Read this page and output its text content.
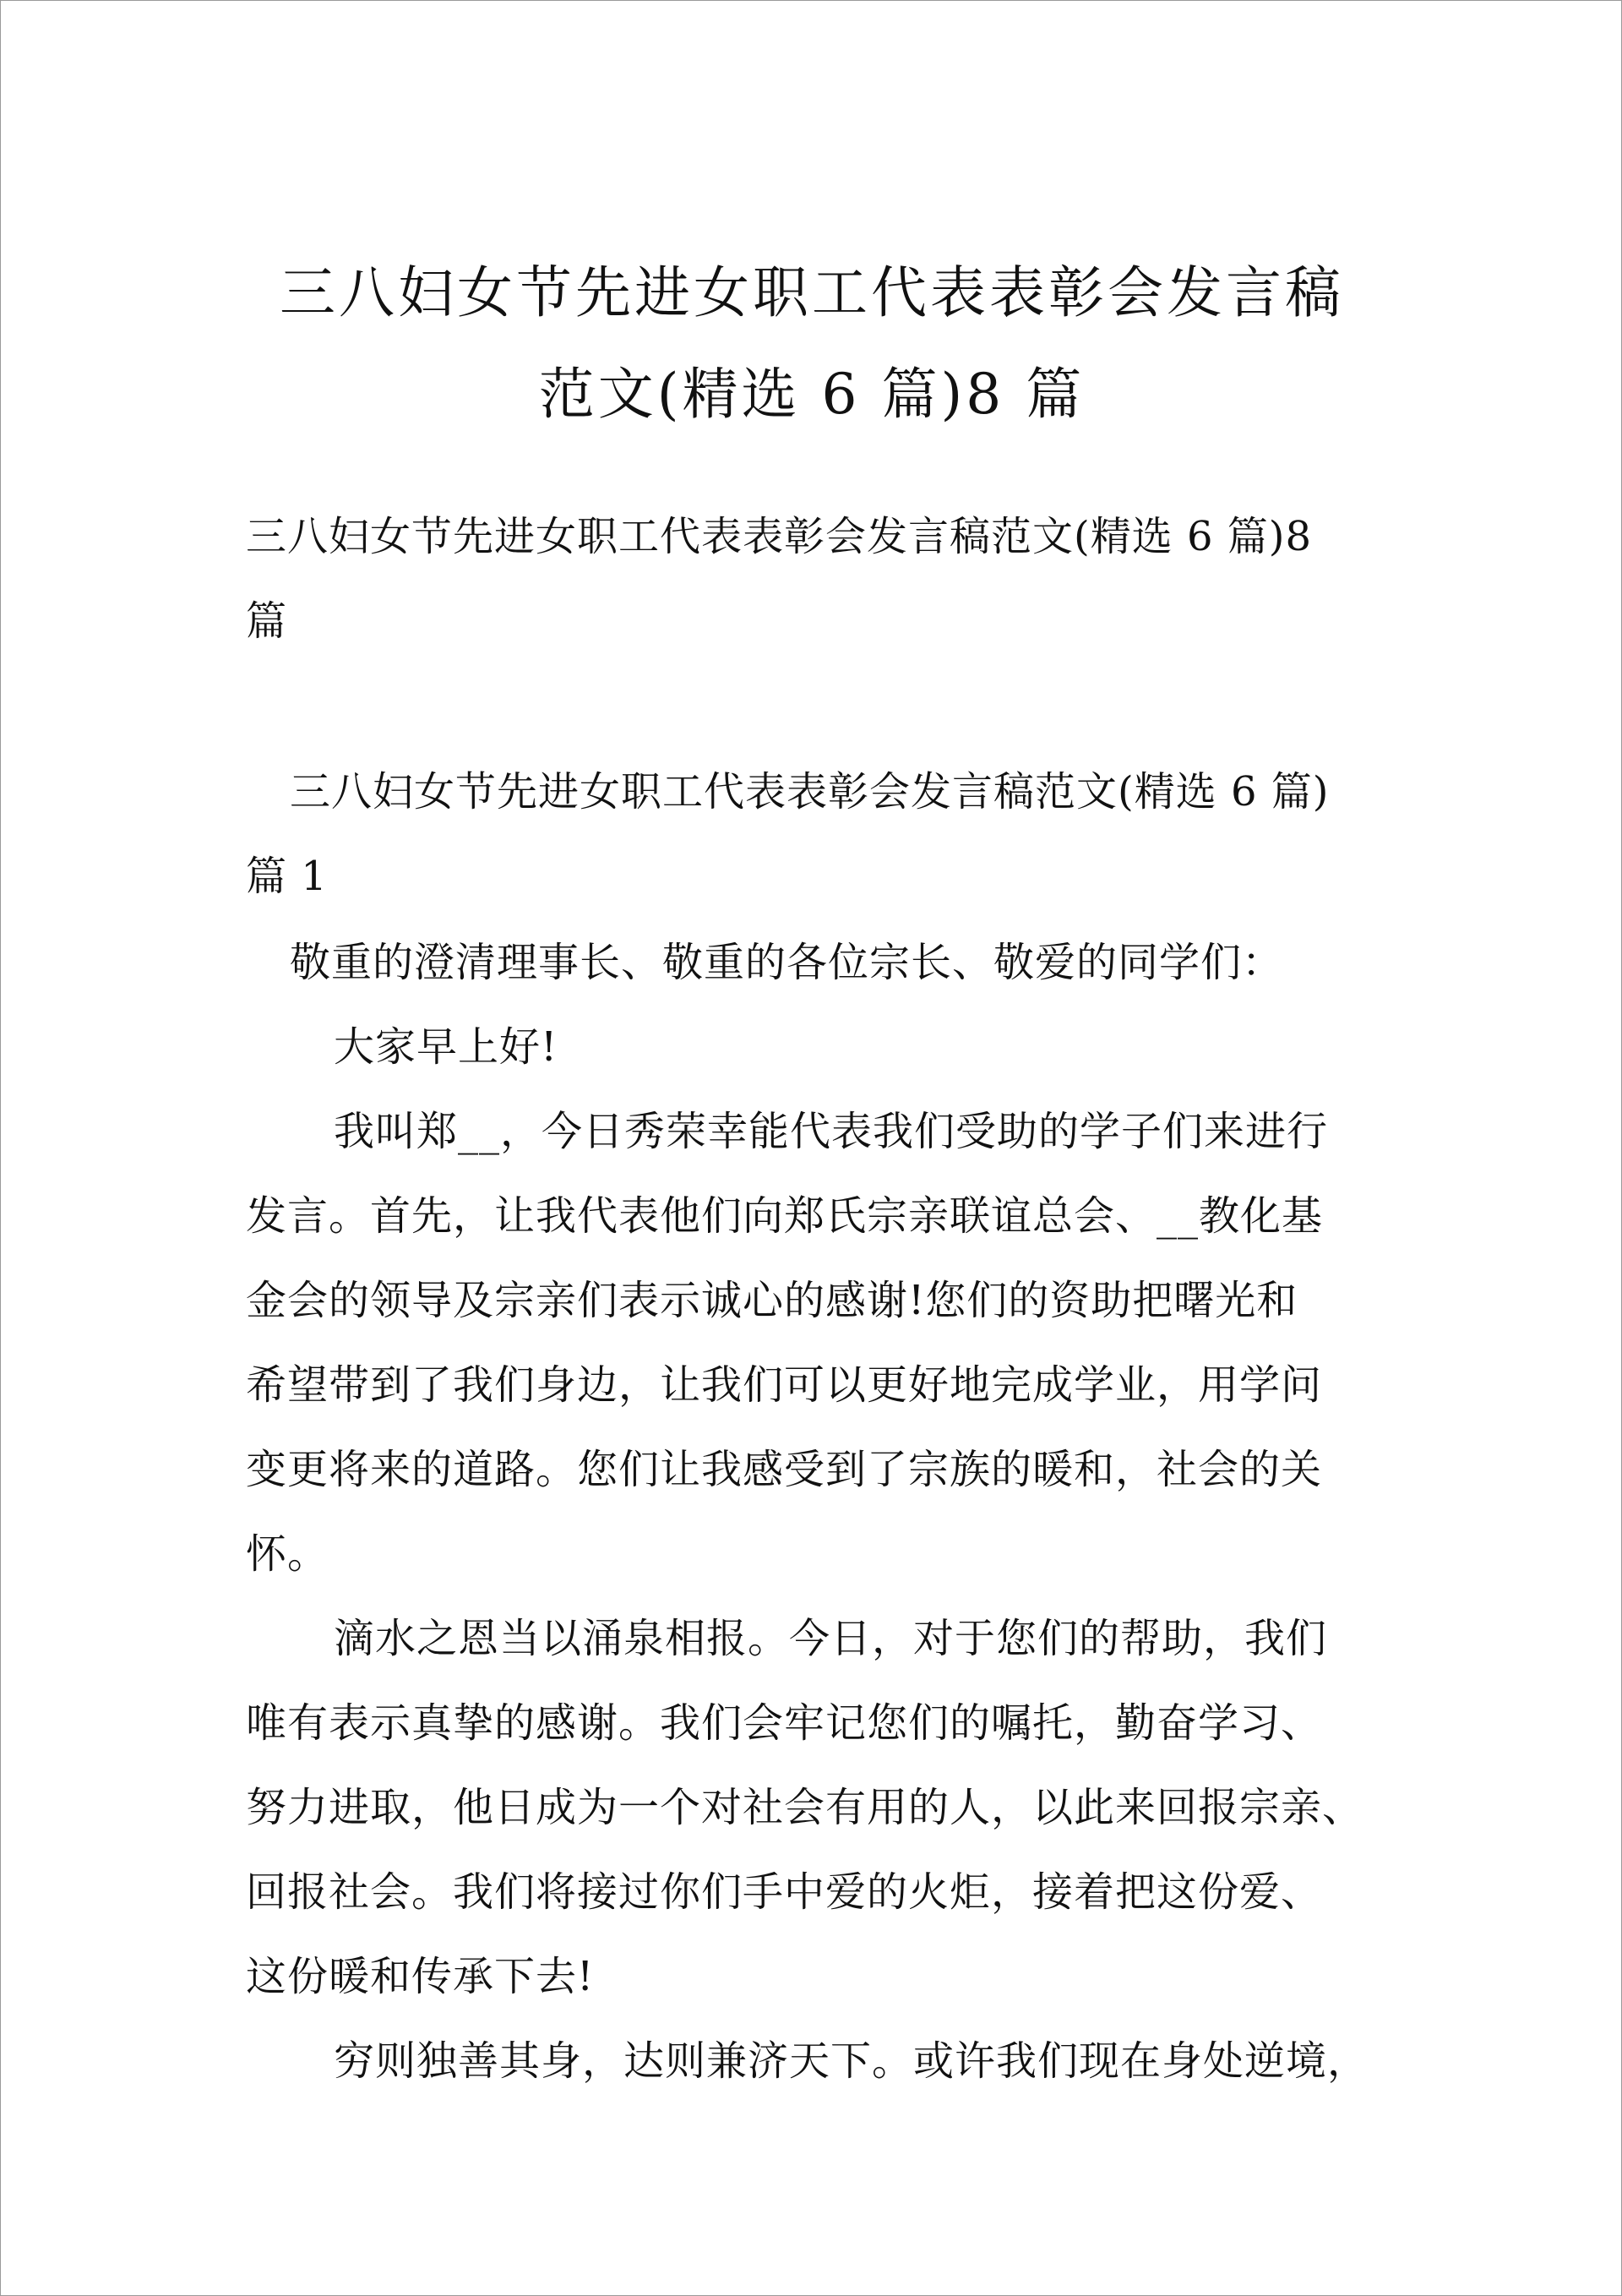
三八妇女节先进女职工代表表彰会发言稿
范文(精选 6 篇)8 篇

三八妇女节先进女职工代表表彰会发言稿范文(精选 6 篇)8

篇

三八妇女节先进女职工代表表彰会发言稿范文(精选 6 篇)

篇 1

敬重的澄清理事长、敬重的各位宗长、敬爱的同学们：

大家早上好!

我叫郑__，今日秀荣幸能代表我们受助的学子们来进行

发言。首先，让我代表他们向郑氏宗亲联谊总会、__教化基

金会的领导及宗亲们表示诚心的感谢!您们的资助把曙光和

希望带到了我们身边，让我们可以更好地完成学业，用学问

变更将来的道路。您们让我感受到了宗族的暖和，社会的关

怀。

滴水之恩当以涌泉相报。今日，对于您们的帮助，我们

唯有表示真挚的感谢。我们会牢记您们的嘱托，勤奋学习、

努力进取，他日成为一个对社会有用的人，以此来回报宗亲、

回报社会。我们将接过你们手中爱的火炬，接着把这份爱、

这份暖和传承下去!

穷则独善其身，达则兼济天下。或许我们现在身处逆境，
